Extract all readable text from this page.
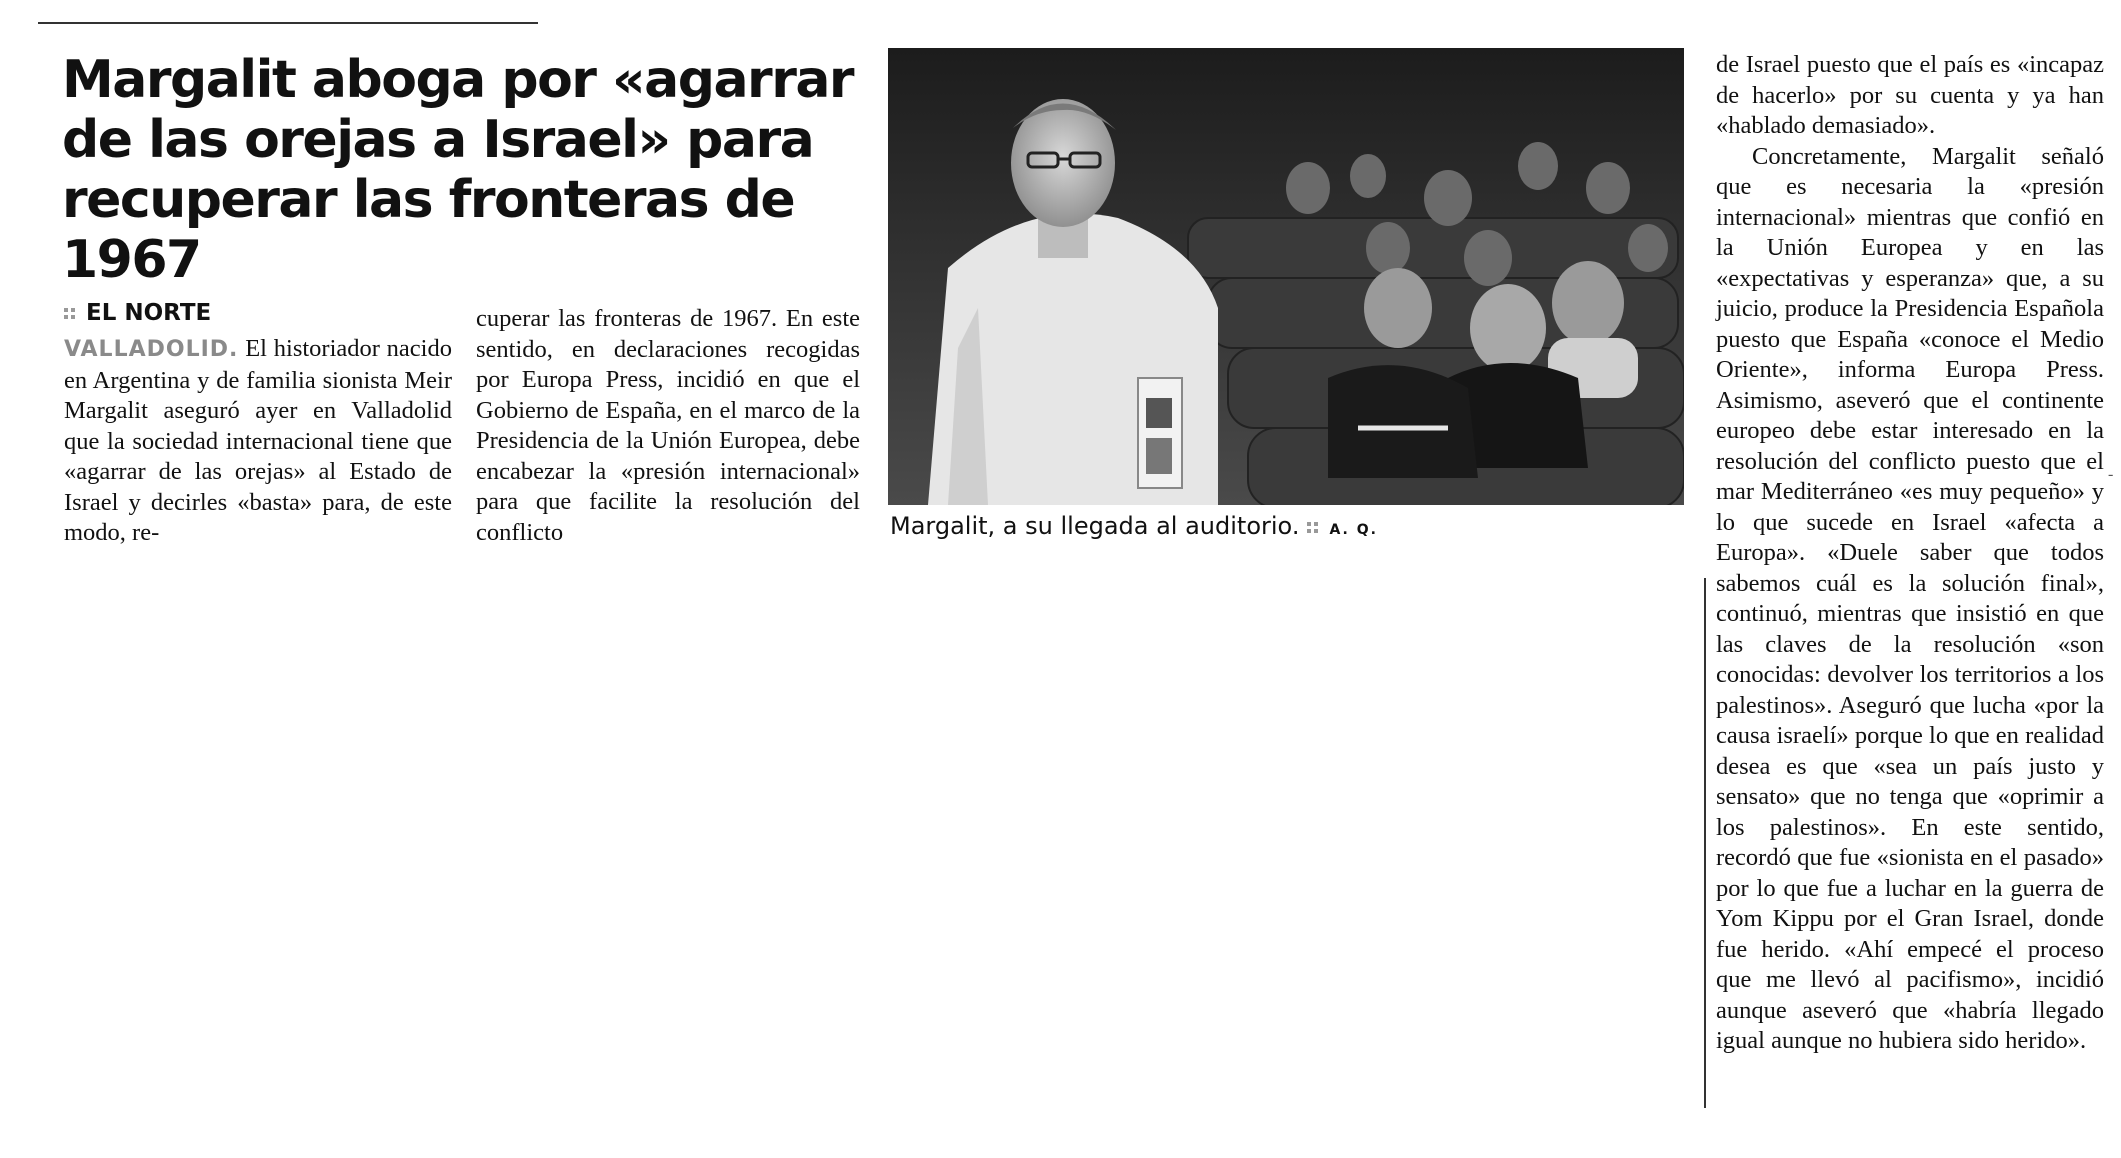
Margalit aboga por «agarrar de las orejas a Israel» para recuperar las fronteras de 1967
EL NORTE

VALLADOLID. El historiador nacido en Argentina y de familia sionista Meir Margalit aseguró ayer en Valladolid que la sociedad internacional tiene que «agarrar de las orejas» al Estado de Israel y decirles «basta» para, de este modo, re-

cuperar las fronteras de 1967. En este sentido, en declaraciones recogidas por Europa Press, incidió en que el Gobierno de España, en el marco de la Presidencia de la Unión Europea, debe encabezar la «presión internacional» para que facilite la resolución del conflicto	Margalit, a su llegada al auditorio. A. Q.

de Israel puesto que el país es «incapaz de hacerlo» por su cuenta y ya han «hablado demasiado».

Concretamente, Margalit señaló que es necesaria la «presión internacional» mientras que confió en la Unión Europea y en las «expectativas y esperanza» que, a su juicio, produce la Presidencia Española puesto que España «conoce el Medio Oriente», informa Europa Press. Asimismo, aseveró que el continente europeo debe estar interesado en la resolución del conflicto puesto que el mar Mediterráneo «es muy pequeño» y lo que sucede en Israel «afecta a Europa». «Duele saber que todos sabemos cuál es la solución final», continuó, mientras que insistió en que las claves de la resolución «son conocidas: devolver los territorios a los palestinos». Aseguró que lucha «por la causa israelí» porque lo que en realidad desea es que «sea un país justo y sensato» que no tenga que «oprimir a los palestinos». En este sentido, recordó que fue «sionista en el pasado» por lo que fue a luchar en la guerra de Yom Kippu por el Gran Israel, donde fue herido. «Ahí empecé el proceso que me llevó al pacifismo», incidió aunque aseveró que «habría llegado igual aunque no hubiera sido herido».

-
